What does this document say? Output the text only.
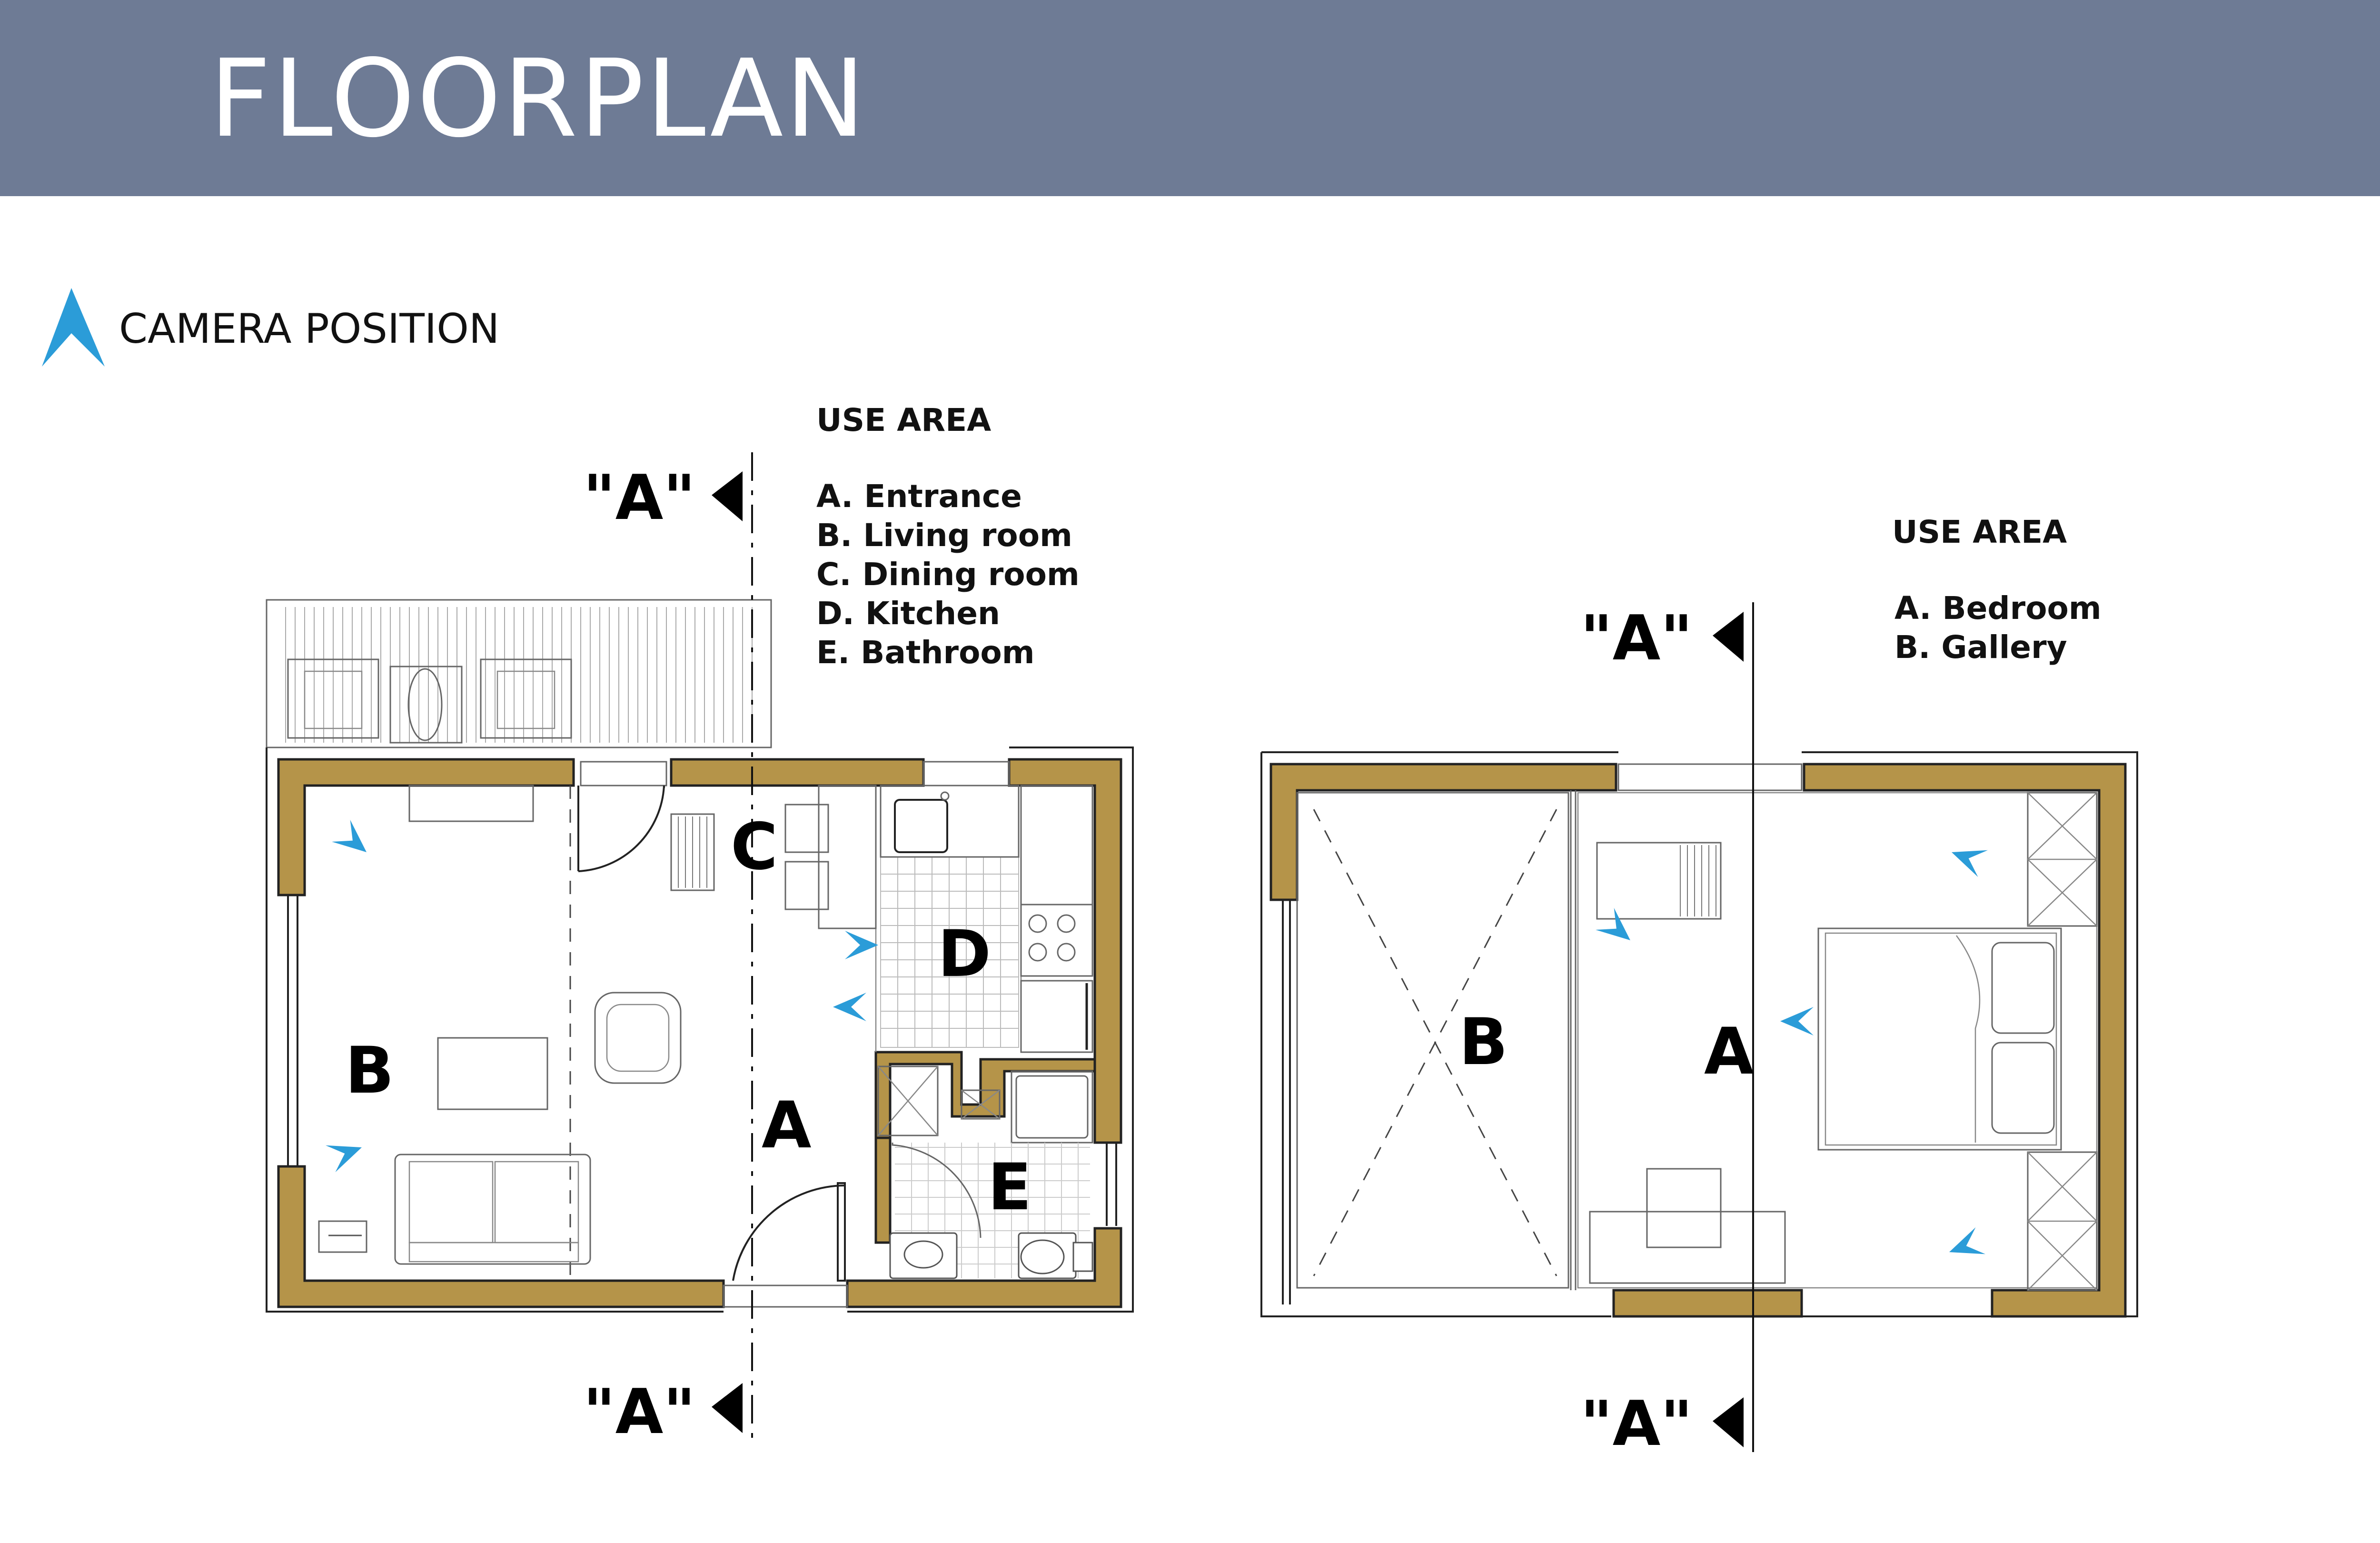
FLOORPLAN
CAMERA POSITION
"A"
"A"
A
B
C
D
E
USE AREA
A. Entrance
B. Living room
C. Dining room
D. Kitchen
E. Bathroom	"A"
"A"
A
B
USE AREA
A. Bedroom
B. Gallery
